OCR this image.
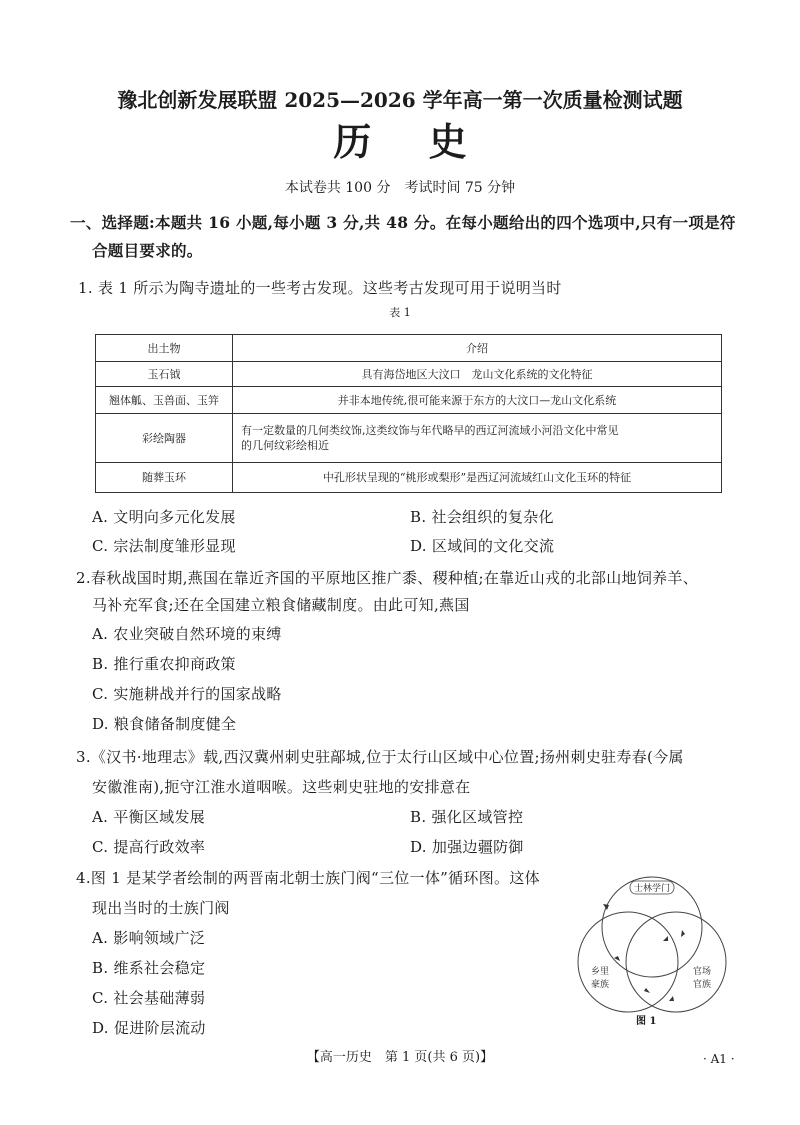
豫北创新发展联盟 2025—2026 学年高一第一次质量检测试题
历 史
本试卷共 100 分　考试时间 75 分钟
一、选择题:本题共 16 小题,每小题 3 分,共 48 分。在每小题给出的四个选项中,只有一项是符
合题目要求的。
1. 表 1 所示为陶寺遗址的一些考古发现。这些考古发现可用于说明当时
表 1
出土物	介绍
玉石钺	具有海岱地区大汶口　龙山文化系统的文化特征

翘体觚、玉兽面、玉笄	并非本地传统,很可能来源于东方的大汶口—龙山文化系统

彩绘陶器	有一定数量的几何类纹饰,这类纹饰与年代略早的西辽河流域小河沿文化中常见
的几何纹彩绘相近

随葬玉环	中孔形状呈现的“桃形或梨形”是西辽河流域红山文化玉环的特征
A. 文明向多元化发展	B. 社会组织的复杂化
C. 宗法制度雏形显现	D. 区域间的文化交流
2.春秋战国时期,燕国在靠近齐国的平原地区推广黍、稷种植;在靠近山戎的北部山地饲养羊、
马补充军食;还在全国建立粮食储藏制度。由此可知,燕国
A. 农业突破自然环境的束缚
B. 推行重农抑商政策
C. 实施耕战并行的国家战略
D. 粮食储备制度健全
3.《汉书·地理志》载,西汉冀州刺史驻鄗城,位于太行山区域中心位置;扬州刺史驻寿春(今属
安徽淮南),扼守江淮水道咽喉。这些刺史驻地的安排意在
A. 平衡区域发展	B. 强化区域管控
C. 提高行政效率	D. 加强边疆防御
4.图 1 是某学者绘制的两晋南北朝士族门阀“三位一体”循环图。这体
现出当时的士族门阀
A. 影响领域广泛
B. 维系社会稳定
C. 社会基础薄弱
D. 促进阶层流动
士林学门
乡里
豪族
官场
官族
图 1
【高一历史　第 1 页(共 6 页)】	· A1 ·
